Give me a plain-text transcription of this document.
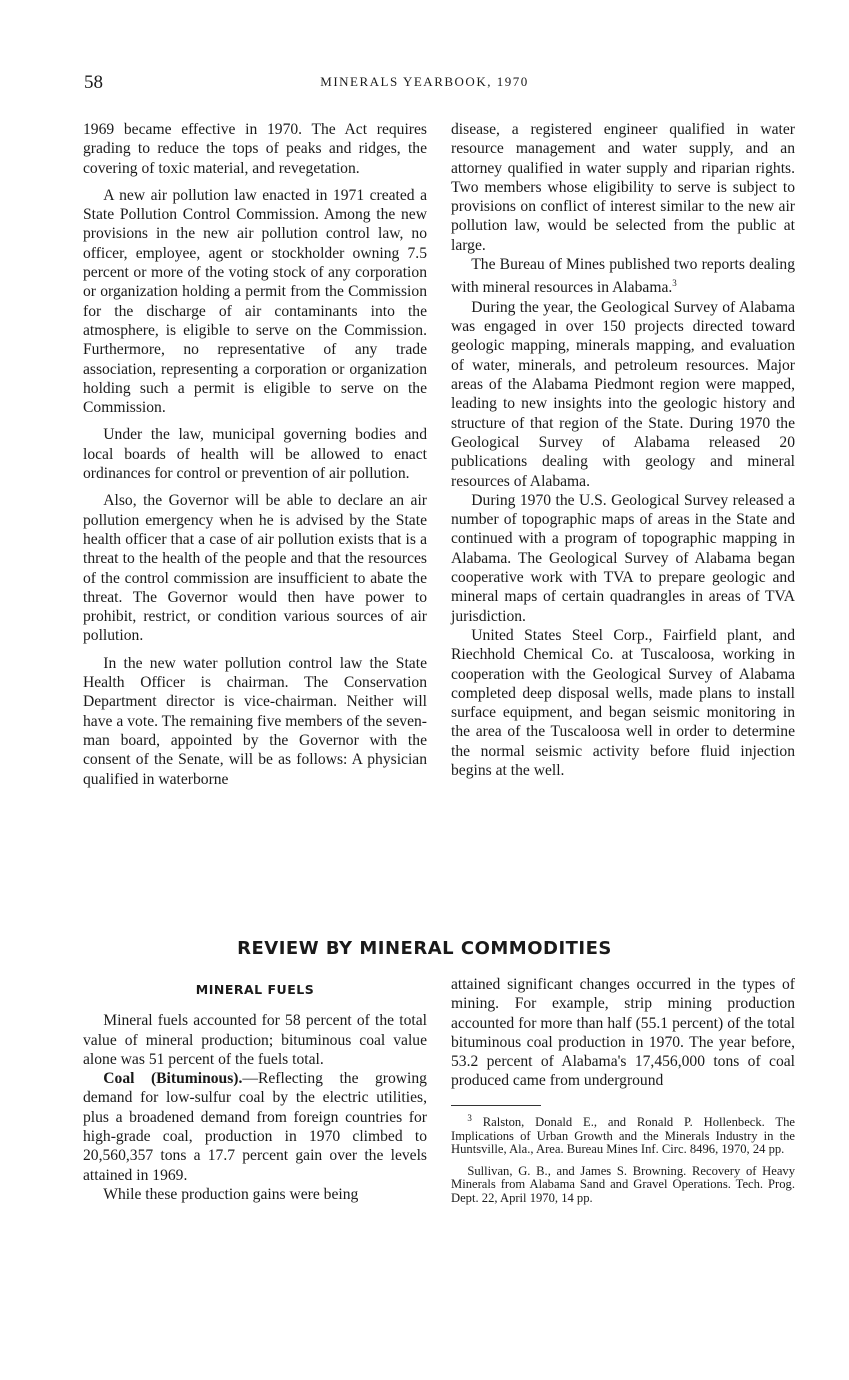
58	MINERALS YEARBOOK, 1970

1969 became effective in 1970. The Act requires grading to reduce the tops of peaks and ridges, the covering of toxic material, and revegetation.

A new air pollution law enacted in 1971 created a State Pollution Control Commission. Among the new provisions in the new air pollution control law, no officer, employee, agent or stockholder owning 7.5 percent or more of the voting stock of any corporation or organization holding a permit from the Commission for the discharge of air contaminants into the atmosphere, is eligible to serve on the Commission. Furthermore, no representative of any trade association, representing a corporation or organization holding such a permit is eligible to serve on the Commission.

Under the law, municipal governing bodies and local boards of health will be allowed to enact ordinances for control or prevention of air pollution.

Also, the Governor will be able to declare an air pollution emergency when he is advised by the State health officer that a case of air pollution exists that is a threat to the health of the people and that the resources of the control commission are insufficient to abate the threat. The Governor would then have power to prohibit, restrict, or condition various sources of air pollution.

In the new water pollution control law the State Health Officer is chairman. The Conservation Department director is vice-chairman. Neither will have a vote. The remaining five members of the seven-man board, appointed by the Governor with the consent of the Senate, will be as follows: A physician qualified in waterborne

disease, a registered engineer qualified in water resource management and water supply, and an attorney qualified in water supply and riparian rights. Two members whose eligibility to serve is subject to provisions on conflict of interest similar to the new air pollution law, would be selected from the public at large.

The Bureau of Mines published two reports dealing with mineral resources in Alabama.$^3$

During the year, the Geological Survey of Alabama was engaged in over 150 projects directed toward geologic mapping, minerals mapping, and evaluation of water, minerals, and petroleum resources. Major areas of the Alabama Piedmont region were mapped, leading to new insights into the geologic history and structure of that region of the State. During 1970 the Geological Survey of Alabama released 20 publications dealing with geology and mineral resources of Alabama.

During 1970 the U.S. Geological Survey released a number of topographic maps of areas in the State and continued with a program of topographic mapping in Alabama. The Geological Survey of Alabama began cooperative work with TVA to prepare geologic and mineral maps of certain quadrangles in areas of TVA jurisdiction.

United States Steel Corp., Fairfield plant, and Riechhold Chemical Co. at Tuscaloosa, working in cooperation with the Geological Survey of Alabama completed deep disposal wells, made plans to install surface equipment, and began seismic monitoring in the area of the Tuscaloosa well in order to determine the normal seismic activity before fluid injection begins at the well.

REVIEW BY MINERAL COMMODITIES
MINERAL FUELS

Mineral fuels accounted for 58 percent of the total value of mineral production; bituminous coal value alone was 51 percent of the fuels total.

Coal (Bituminous).—Reflecting the growing demand for low-sulfur coal by the electric utilities, plus a broadened demand from foreign countries for high-grade coal, production in 1970 climbed to 20,560,357 tons a 17.7 percent gain over the levels attained in 1969.

While these production gains were being

attained significant changes occurred in the types of mining. For example, strip mining production accounted for more than half (55.1 percent) of the total bituminous coal production in 1970. The year before, 53.2 percent of Alabama's 17,456,000 tons of coal produced came from underground

$^3$ Ralston, Donald E., and Ronald P. Hollenbeck. The Implications of Urban Growth and the Minerals Industry in the Huntsville, Ala., Area. Bureau Mines Inf. Circ. 8496, 1970, 24 pp.

Sullivan, G. B., and James S. Browning. Recovery of Heavy Minerals from Alabama Sand and Gravel Operations. Tech. Prog. Dept. 22, April 1970, 14 pp.
